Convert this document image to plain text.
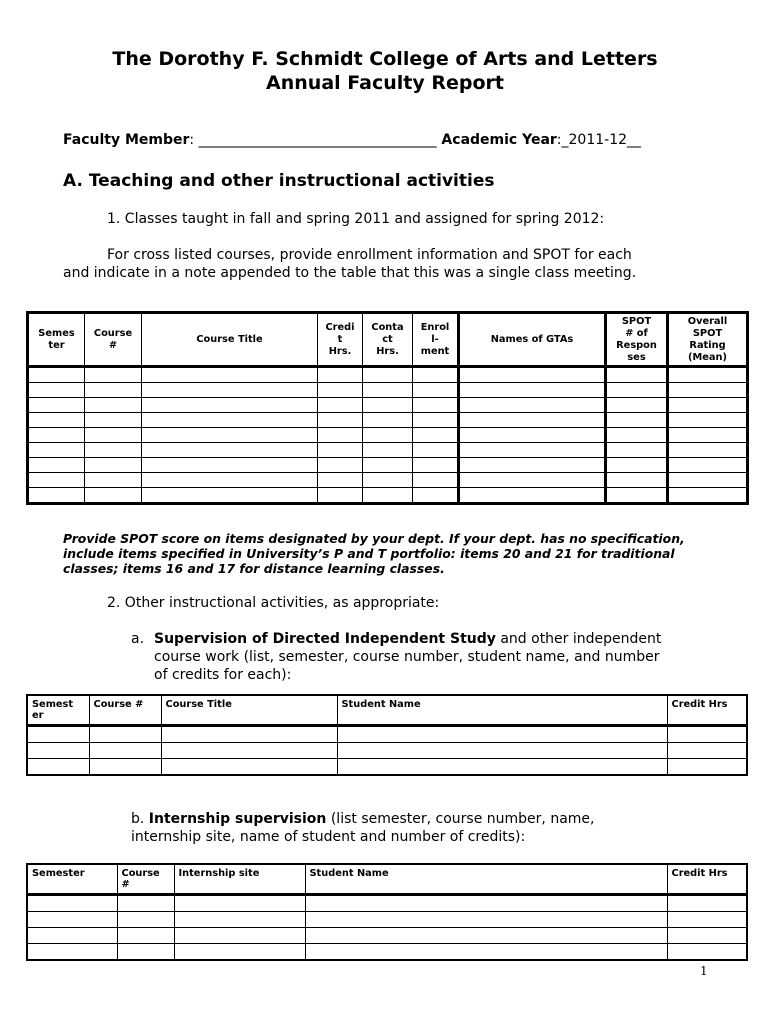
The Dorothy F. Schmidt College of Arts and Letters
Annual Faculty Report
Faculty Member: __________________________________ Academic Year:_2011-12__
A. Teaching and other instructional activities
1. Classes taught in fall and spring 2011 and assigned for spring 2012:
For cross listed courses, provide enrollment information and SPOT for each
and indicate in a note appended to the table that this was a single class meeting.
Semes
ter	Course
#	Course Title	Credi
t
Hrs.	Conta
ct
Hrs.	Enrol
l-
ment	Names of GTAs	SPOT
# of
Respon
ses	Overall
SPOT
Rating
(Mean)

Provide SPOT score on items designated by your dept. If your dept. has no specification,
include items specified in University’s P and T portfolio: items 20 and 21 for traditional
classes; items 16 and 17 for distance learning classes.
2. Other instructional activities, as appropriate:
a. Supervision of Directed Independent Study and other independent
course work (list, semester, course number, student name, and number
of credits for each):
Semest
er	Course #	Course Title	Student Name	Credit Hrs

b. Internship supervision (list semester, course number, name,
internship site, name of student and number of credits):
Semester	Course
#	Internship site	Student Name	Credit Hrs

1
